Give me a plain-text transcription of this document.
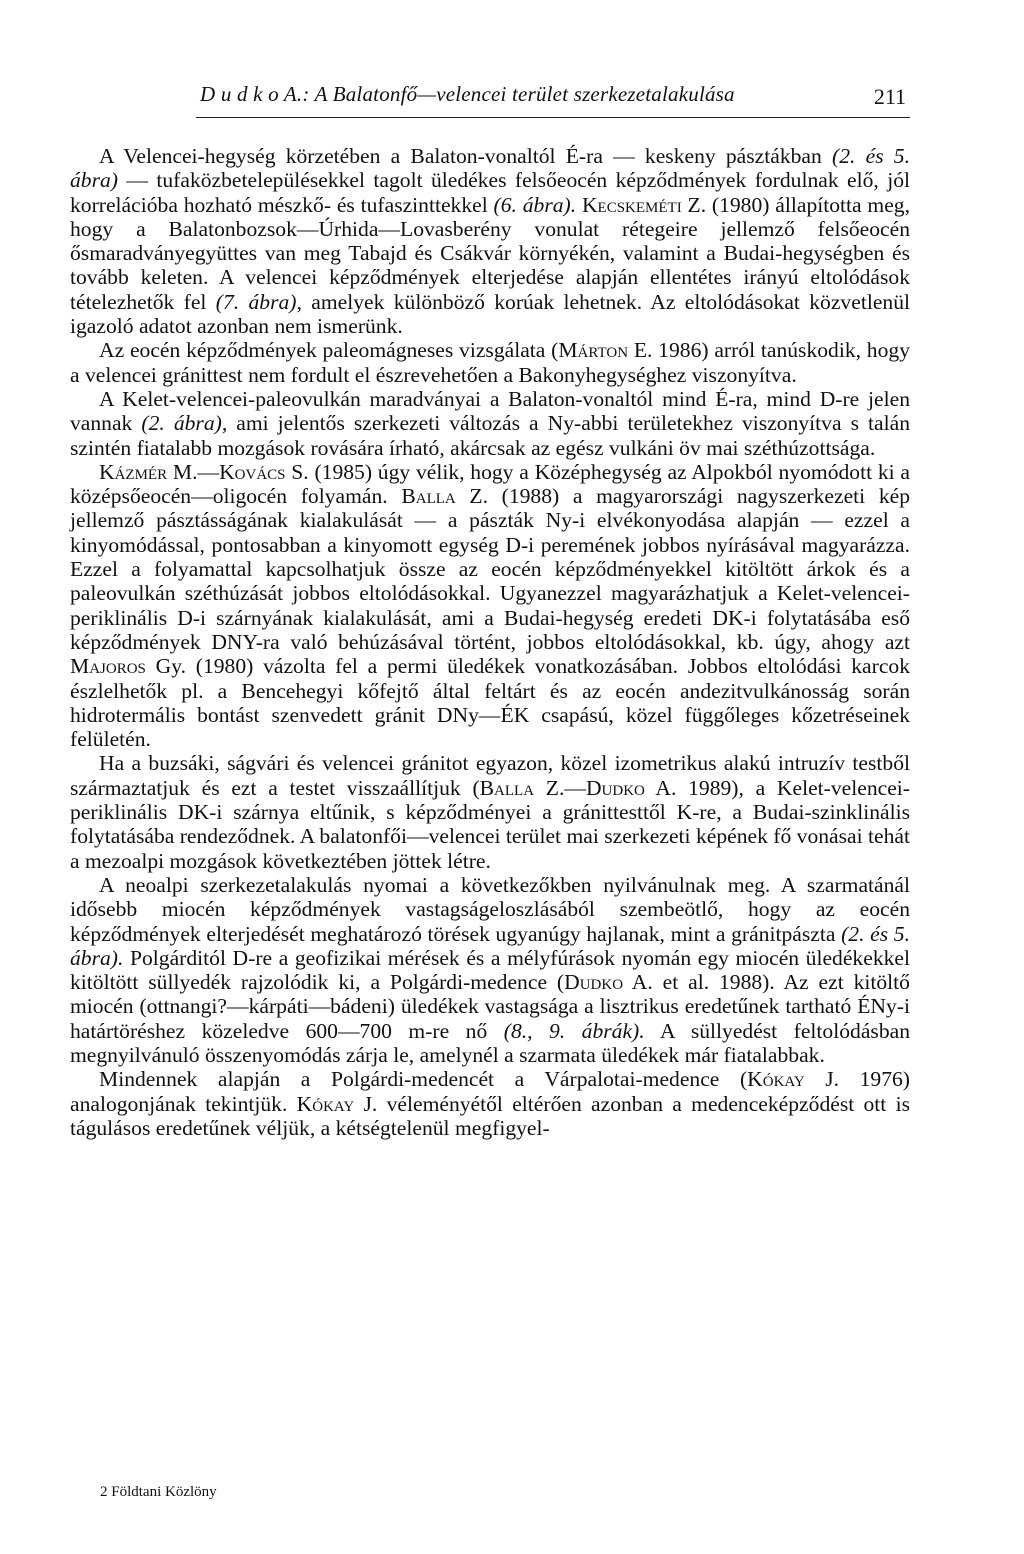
D u d k o A.: A Balatonfő—velencei terület szerkezetalakulása	211

A Velencei-hegység körzetében a Balaton-vonaltól É-ra — keskeny pásztákban (2. és 5. ábra) — tufaközbetelepülésekkel tagolt üledékes felsőeocén képződmények fordulnak elő, jól korrelációba hozható mészkő- és tufaszinttekkel (6. ábra). Kecskeméti Z. (1980) állapította meg, hogy a Balatonbozsok—Úrhida—Lovasberény vonulat rétegeire jellemző felsőeocén ősmaradványegyüttes van meg Tabajd és Csákvár környékén, valamint a Budai-hegységben és tovább keleten. A velencei képződmények elterjedése alapján ellentétes irányú eltolódások tételezhetők fel (7. ábra), amelyek különböző korúak lehetnek. Az eltolódásokat közvetlenül igazoló adatot azonban nem ismerünk.

Az eocén képződmények paleomágneses vizsgálata (Márton E. 1986) arról tanúskodik, hogy a velencei gránittest nem fordult el észrevehetően a Bakonyhegységhez viszonyítva.

A Kelet-velencei-paleovulkán maradványai a Balaton-vonaltól mind É-ra, mind D-re jelen vannak (2. ábra), ami jelentős szerkezeti változás a Ny-abbi területekhez viszonyítva s talán szintén fiatalabb mozgások rovására írható, akárcsak az egész vulkáni öv mai széthúzottsága.

Kázmér M.—Kovács S. (1985) úgy vélik, hogy a Középhegység az Alpokból nyomódott ki a középsőeocén—oligocén folyamán. Balla Z. (1988) a magyarországi nagyszerkezeti kép jellemző pásztásságának kialakulását — a pászták Ny-i elvékonyodása alapján — ezzel a kinyomódással, pontosabban a kinyomott egység D-i peremének jobbos nyírásával magyarázza. Ezzel a folyamattal kapcsolhatjuk össze az eocén képződményekkel kitöltött árkok és a paleovulkán széthúzását jobbos eltolódásokkal. Ugyanezzel magyarázhatjuk a Kelet-velencei-periklinális D-i szárnyának kialakulását, ami a Budai-hegység eredeti DK-i folytatásába eső képződmények DNY-ra való behúzásával történt, jobbos eltolódásokkal, kb. úgy, ahogy azt Majoros Gy. (1980) vázolta fel a permi üledékek vonatkozásában. Jobbos eltolódási karcok észlelhetők pl. a Bencehegyi kőfejtő által feltárt és az eocén andezitvulkánosság során hidrotermális bontást szenvedett gránit DNy—ÉK csapású, közel függőleges kőzetréseinek felületén.

Ha a buzsáki, ságvári és velencei gránitot egyazon, közel izometrikus alakú intruzív testből származtatjuk és ezt a testet visszaállítjuk (Balla Z.—Dudko A. 1989), a Kelet-velencei-periklinális DK-i szárnya eltűnik, s képződményei a gránittesttől K-re, a Budai-szinklinális folytatásába rendeződnek. A balatonfői—velencei terület mai szerkezeti képének fő vonásai tehát a mezoalpi mozgások következtében jöttek létre.

A neoalpi szerkezetalakulás nyomai a következőkben nyilvánulnak meg. A szarmatánál idősebb miocén képződmények vastagságeloszlásából szembeötlő, hogy az eocén képződmények elterjedését meghatározó törések ugyanúgy hajlanak, mint a gránitpászta (2. és 5. ábra). Polgárditól D-re a geofizikai mérések és a mélyfúrások nyomán egy miocén üledékekkel kitöltött süllyedék rajzolódik ki, a Polgárdi-medence (Dudko A. et al. 1988). Az ezt kitöltő miocén (ottnangi?—kárpáti—bádeni) üledékek vastagsága a lisztrikus eredetűnek tartható ÉNy-i határtöréshez közeledve 600—700 m-re nő (8., 9. ábrák). A süllyedést feltolódásban megnyilvánuló összenyomódás zárja le, amelynél a szarmata üledékek már fiatalabbak.

Mindennek alapján a Polgárdi-medencét a Várpalotai-medence (Kókay J. 1976) analogonjának tekintjük. Kókay J. véleményétől eltérően azonban a medenceképződést ott is tágulásos eredetűnek véljük, a kétségtelenül megfigyel-

2 Földtani Közlöny
